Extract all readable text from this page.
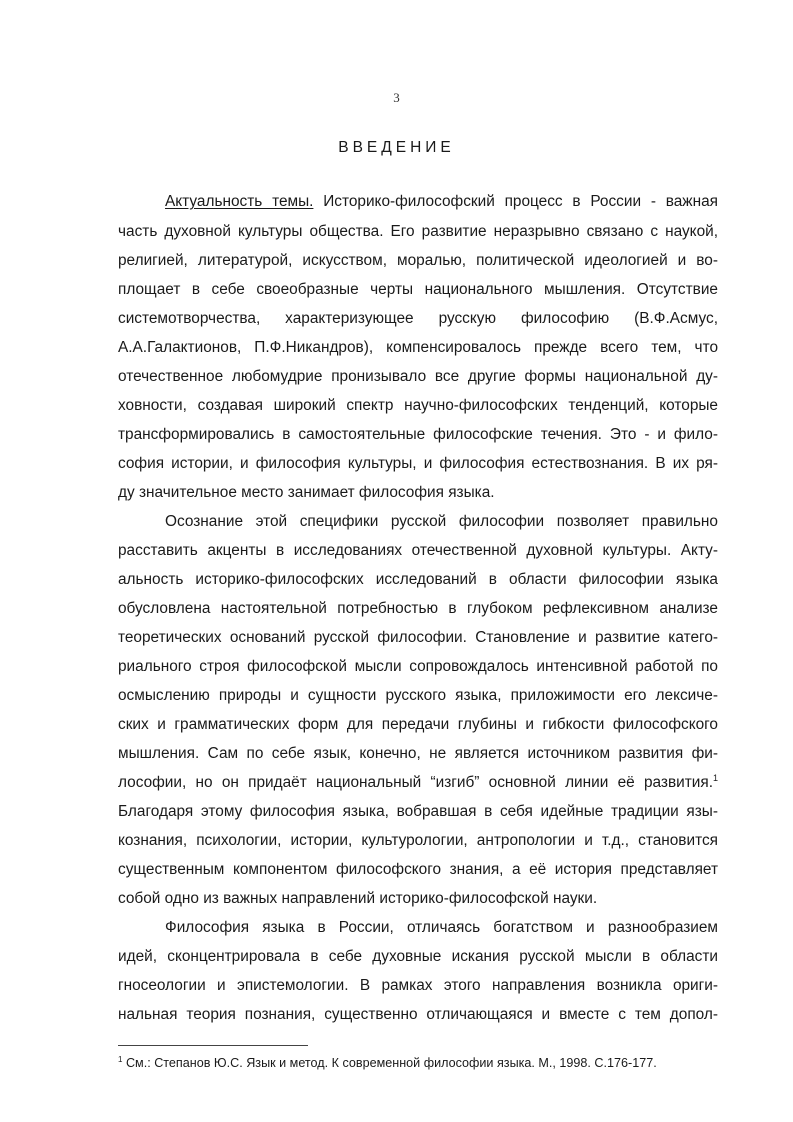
3
ВВЕДЕНИЕ
Актуальность темы. Историко-философский процесс в России - важная
часть духовной культуры общества. Его развитие неразрывно связано с наукой,
религией, литературой, искусством, моралью, политической идеологией и во-
площает в себе своеобразные черты национального мышления. Отсутствие
системотворчества, характеризующее русскую философию (В.Ф.Асмус,
А.А.Галактионов, П.Ф.Никандров), компенсировалось прежде всего тем, что
отечественное любомудрие пронизывало все другие формы национальной ду-
ховности, создавая широкий спектр научно-философских тенденций, которые
трансформировались в самостоятельные философские течения. Это - и фило-
софия истории, и философия культуры, и философия естествознания. В их ря-
ду значительное место занимает философия языка.
Осознание этой специфики русской философии позволяет правильно
расставить акценты в исследованиях отечественной духовной культуры. Акту-
альность историко-философских исследований в области философии языка
обусловлена настоятельной потребностью в глубоком рефлексивном анализе
теоретических оснований русской философии. Становление и развитие катего-
риального строя философской мысли сопровождалось интенсивной работой по
осмыслению природы и сущности русского языка, приложимости его лексиче-
ских и грамматических форм для передачи глубины и гибкости философского
мышления. Сам по себе язык, конечно, не является источником развития фи-
лософии, но он придаёт национальный “изгиб” основной линии её развития.$^1$
Благодаря этому философия языка, вобравшая в себя идейные традиции язы-
кознания, психологии, истории, культурологии, антропологии и т.д., становится
существенным компонентом философского знания, а её история представляет
собой одно из важных направлений историко-философской науки.
Философия языка в России, отличаясь богатством и разнообразием
идей, сконцентрировала в себе духовные искания русской мысли в области
гносеологии и эпистемологии. В рамках этого направления возникла ориги-
нальная теория познания, существенно отличающаяся и вместе с тем допол-
$^1$ См.: Степанов Ю.С. Язык и метод. К современной философии языка. М., 1998. С.176-177.
